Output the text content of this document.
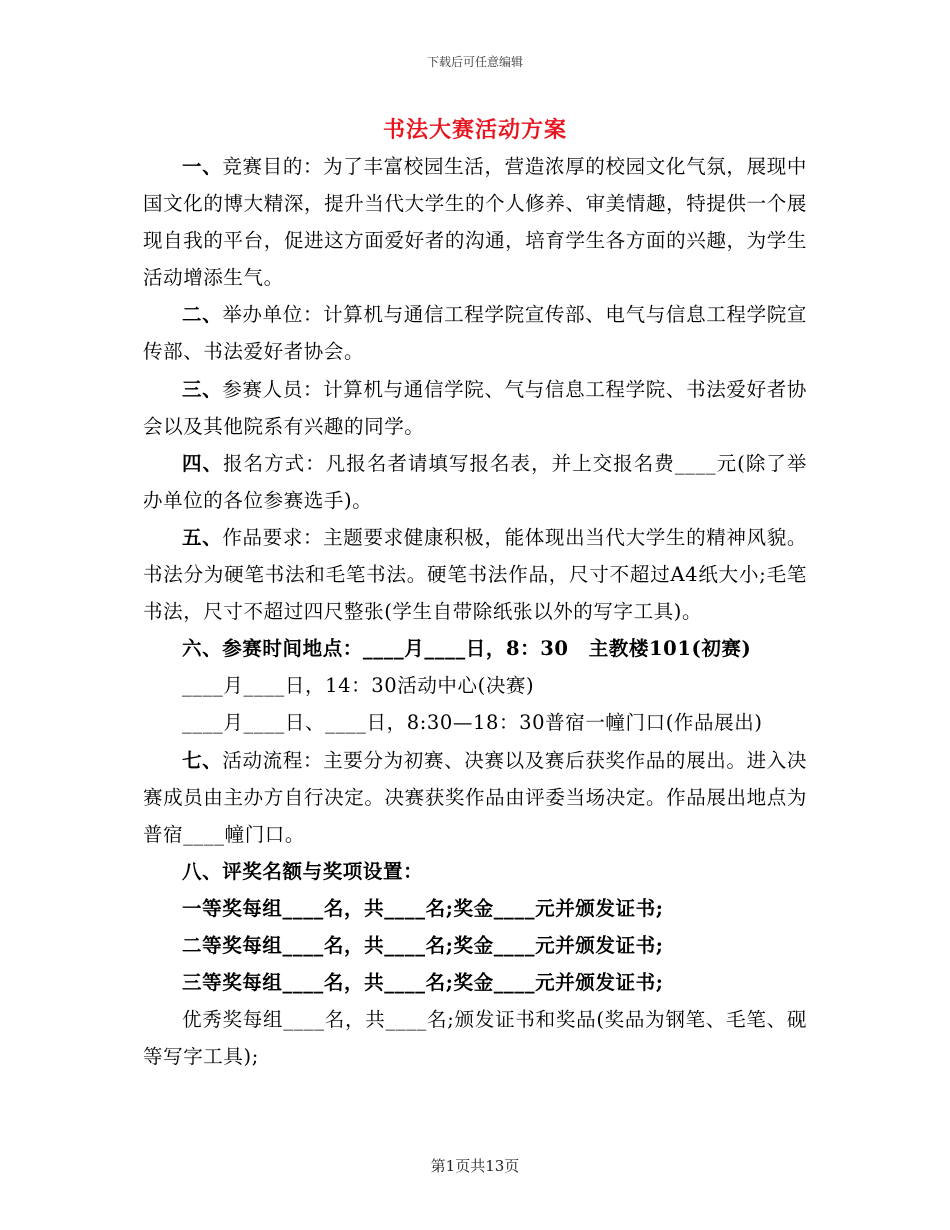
下载后可任意编辑
书法大赛活动方案

一、竞赛目的：为了丰富校园生活，营造浓厚的校园文化气氛，展现中国文化的博大精深，提升当代大学生的个人修养、审美情趣，特提供一个展现自我的平台，促进这方面爱好者的沟通，培育学生各方面的兴趣，为学生活动增添生气。

二、举办单位：计算机与通信工程学院宣传部、电气与信息工程学院宣传部、书法爱好者协会。

三、参赛人员：计算机与通信学院、气与信息工程学院、书法爱好者协会以及其他院系有兴趣的同学。

四、报名方式：凡报名者请填写报名表，并上交报名费____元(除了举办单位的各位参赛选手)。

五、作品要求：主题要求健康积极，能体现出当代大学生的精神风貌。书法分为硬笔书法和毛笔书法。硬笔书法作品，尺寸不超过A4纸大小;毛笔书法，尺寸不超过四尺整张(学生自带除纸张以外的写字工具)。

六、参赛时间地点：____月____日，8：30　主教楼101(初赛)

____月____日，14：30活动中心(决赛)

____月____日、____日，8:30—18：30普宿一幢门口(作品展出)

七、活动流程：主要分为初赛、决赛以及赛后获奖作品的展出。进入决赛成员由主办方自行决定。决赛获奖作品由评委当场决定。作品展出地点为普宿____幢门口。

八、评奖名额与奖项设置：

一等奖每组____名，共____名;奖金____元并颁发证书;

二等奖每组____名，共____名;奖金____元并颁发证书;

三等奖每组____名，共____名;奖金____元并颁发证书;

优秀奖每组____名，共____名;颁发证书和奖品(奖品为钢笔、毛笔、砚等写字工具);

第1页共13页
